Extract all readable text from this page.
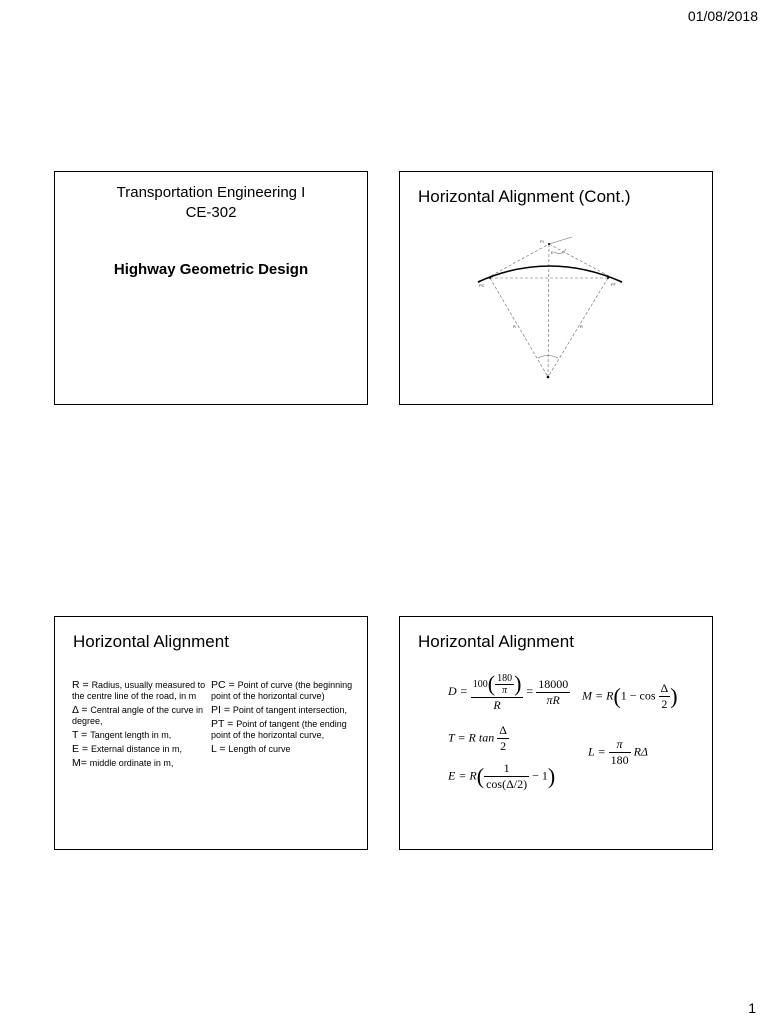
01/08/2018
Transportation Engineering I
CE-302
Highway Geometric Design
Horizontal Alignment (Cont.)
PC	PT
PI
E
R	R
Horizontal Alignment
R = Radius, usually measured to the centre line of the road, in m
Δ = Central angle of the curve in degree,
T = Tangent length in m,
E = External distance in m,
M= middle ordinate in m,
PC = Point of curve (the beginning point of the horizontal curve)
PI = Point of tangent intersection,
PT = Point of tangent (the ending point of the horizontal curve,
L = Length of curve
Horizontal Alignment
$D = \frac{100( \frac{180}{\pi} )}{R} = \frac{18000}{\pi R}$ $M = R(1 - \cos \frac{\Delta}{2}$ )
T = R $\tan \frac{\Delta}{2}$	$L = \frac{\pi}{180}$ RΔ
$E = R( \frac{1}{\cos(\Delta/2)} - 1)$
1
